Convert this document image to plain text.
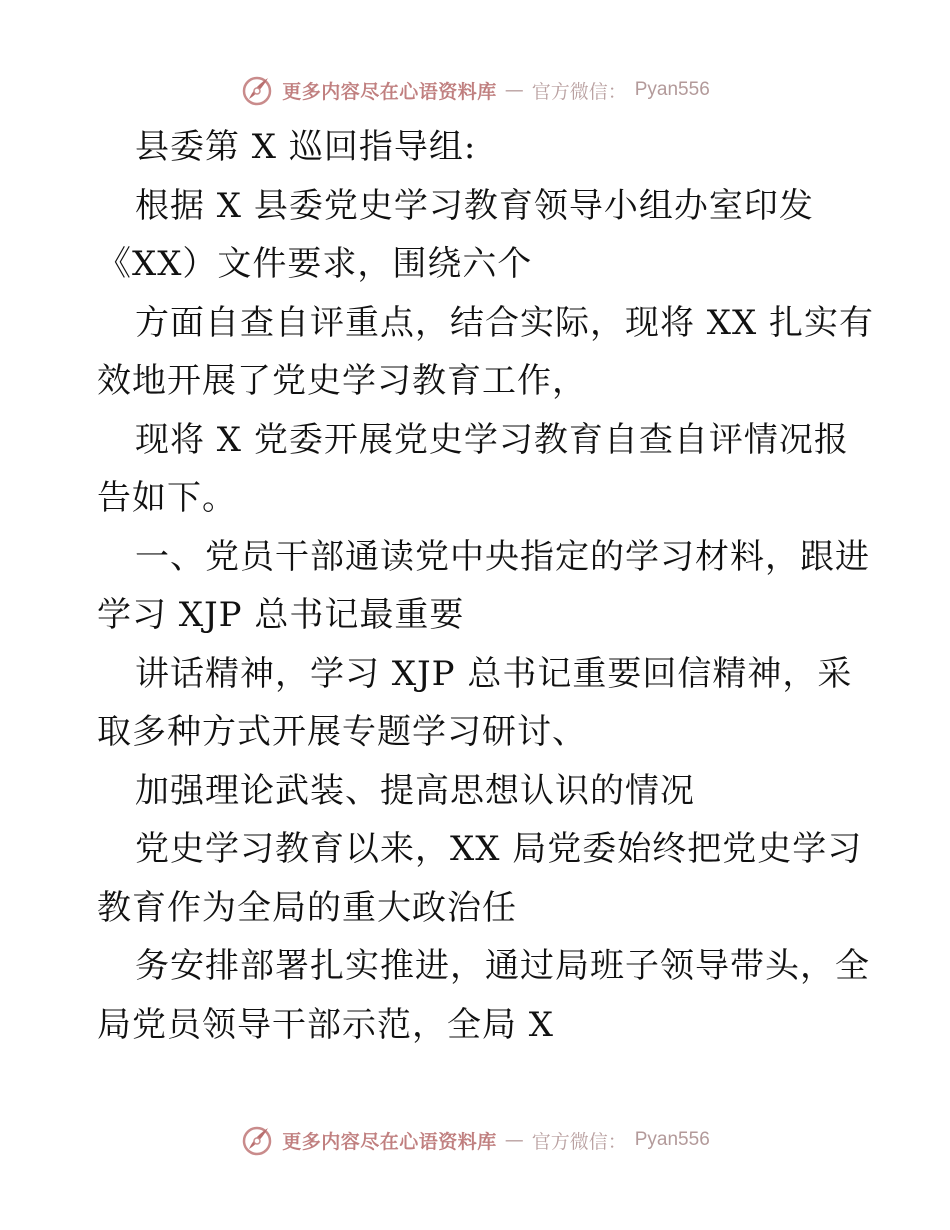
更多内容尽在心语资料库 — 官方微信： Pyan556
县委第 X 巡回指导组:
根据 X 县委党史学习教育领导小组办室印发
《XX）文件要求，围绕六个
方面自查自评重点，结合实际，现将 XX 扎实有
效地开展了党史学习教育工作，
现将 X 党委开展党史学习教育自查自评情况报
告如下。
一、党员干部通读党中央指定的学习材料，跟进
学习 XJP 总书记最重要
讲话精神，学习 XJP 总书记重要回信精神，采
取多种方式开展专题学习研讨、
加强理论武装、提高思想认识的情况
党史学习教育以来，XX 局党委始终把党史学习
教育作为全局的重大政治任
务安排部署扎实推进，通过局班子领导带头，全
局党员领导干部示范，全局 X
更多内容尽在心语资料库 — 官方微信： Pyan556
